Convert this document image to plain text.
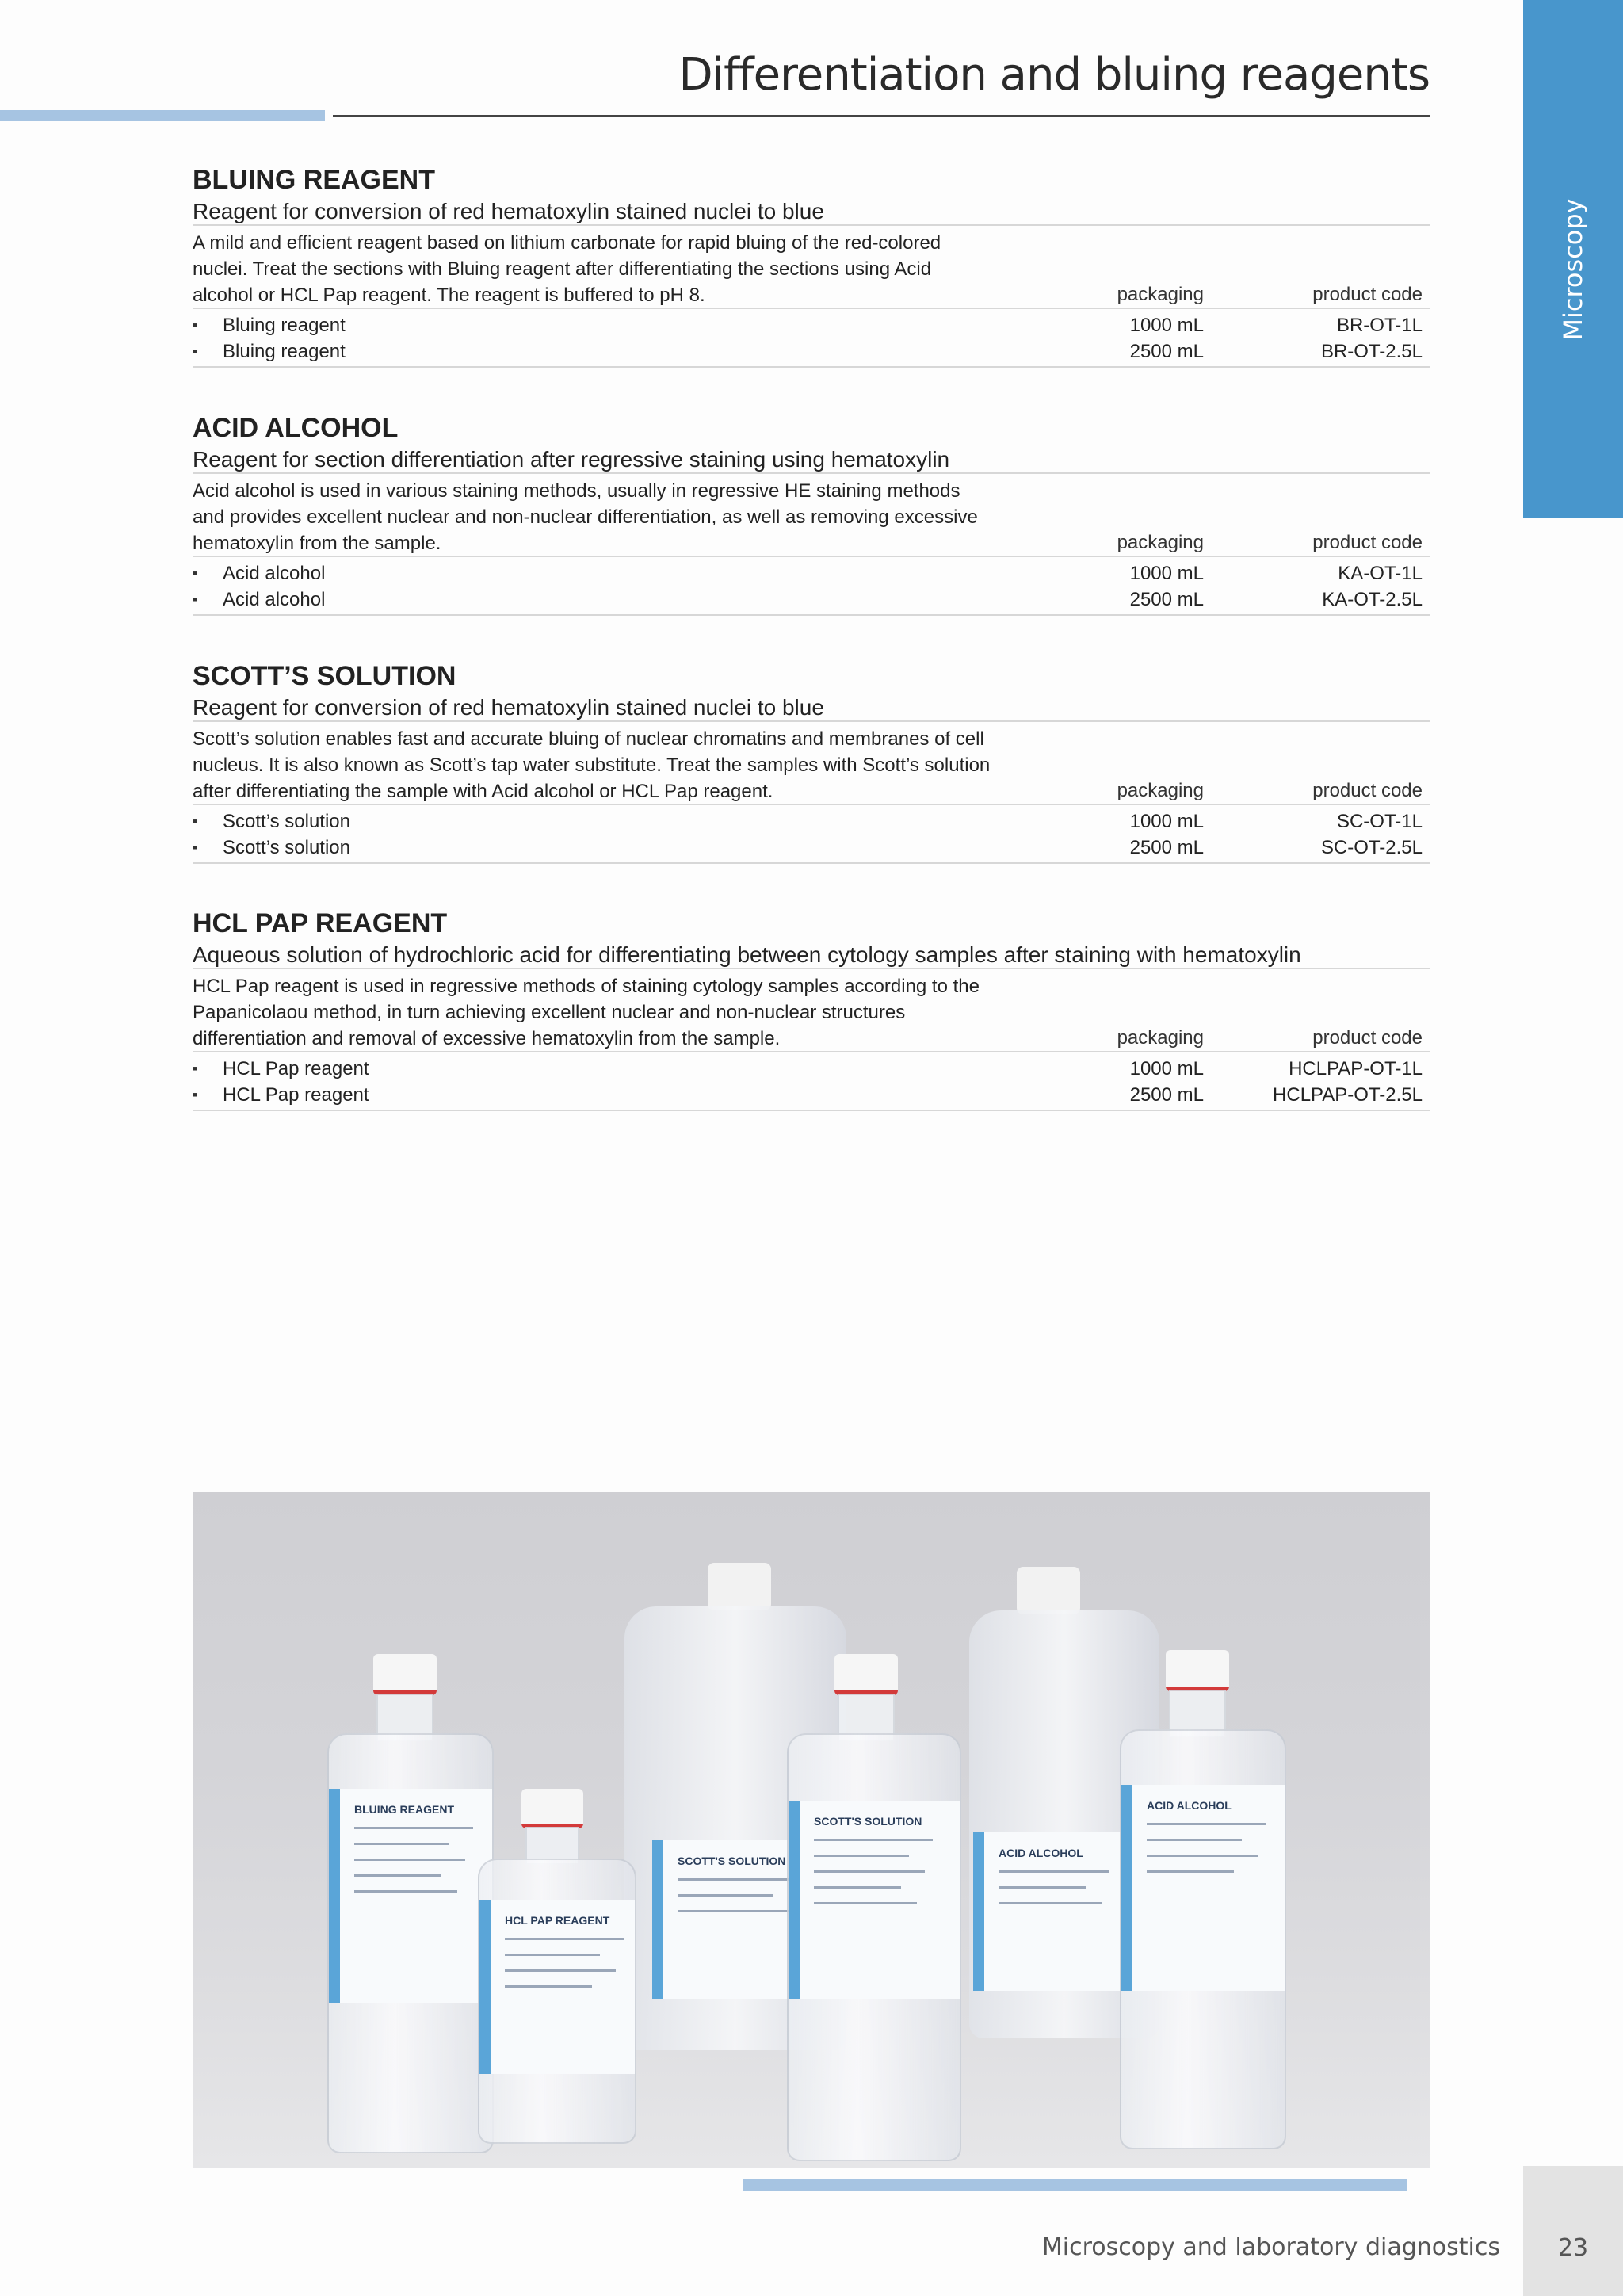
Differentiation and bluing reagents
Microscopy
BLUING REAGENT
Reagent for conversion of red hematoxylin stained nuclei to blue
A mild and efficient reagent based on lithium carbonate for rapid bluing of the red-colored nuclei. Treat the sections with Bluing reagent after differentiating the sections using Acid alcohol or HCL Pap reagent. The reagent is buffered to pH 8.	packaging	product code
▪ Bluing reagent	1000 mL	BR-OT-1L
▪ Bluing reagent	2500 mL	BR-OT-2.5L
ACID ALCOHOL
Reagent for section differentiation after regressive staining using hematoxylin
Acid alcohol is used in various staining methods, usually in regressive HE staining methods and provides excellent nuclear and non-nuclear differentiation, as well as removing excessive hematoxylin from the sample.	packaging	product code
▪ Acid alcohol	1000 mL	KA-OT-1L
▪ Acid alcohol	2500 mL	KA-OT-2.5L
SCOTT’S SOLUTION
Reagent for conversion of red hematoxylin stained nuclei to blue
Scott’s solution enables fast and accurate bluing of nuclear chromatins and membranes of cell nucleus. It is also known as Scott’s tap water substitute. Treat the samples with Scott’s solution after differentiating the sample with Acid alcohol or HCL Pap reagent.	packaging	product code
▪ Scott’s solution	1000 mL	SC-OT-1L
▪ Scott’s solution	2500 mL	SC-OT-2.5L
HCL PAP REAGENT
Aqueous solution of hydrochloric acid for differentiating between cytology samples after staining with hematoxylin
HCL Pap reagent is used in regressive methods of staining cytology samples according to the Papanicolaou method, in turn achieving excellent nuclear and non-nuclear structures differentiation and removal of excessive hematoxylin from the sample.	packaging	product code
▪ HCL Pap reagent	1000 mL	HCLPAP-OT-1L
▪ HCL Pap reagent	2500 mL	HCLPAP-OT-2.5L
BLUING REAGENT
HCL PAP REAGENT
SCOTT'S SOLUTION
SCOTT'S SOLUTION
ACID ALCOHOL
ACID ALCOHOL
Microscopy and laboratory diagnostics	23
